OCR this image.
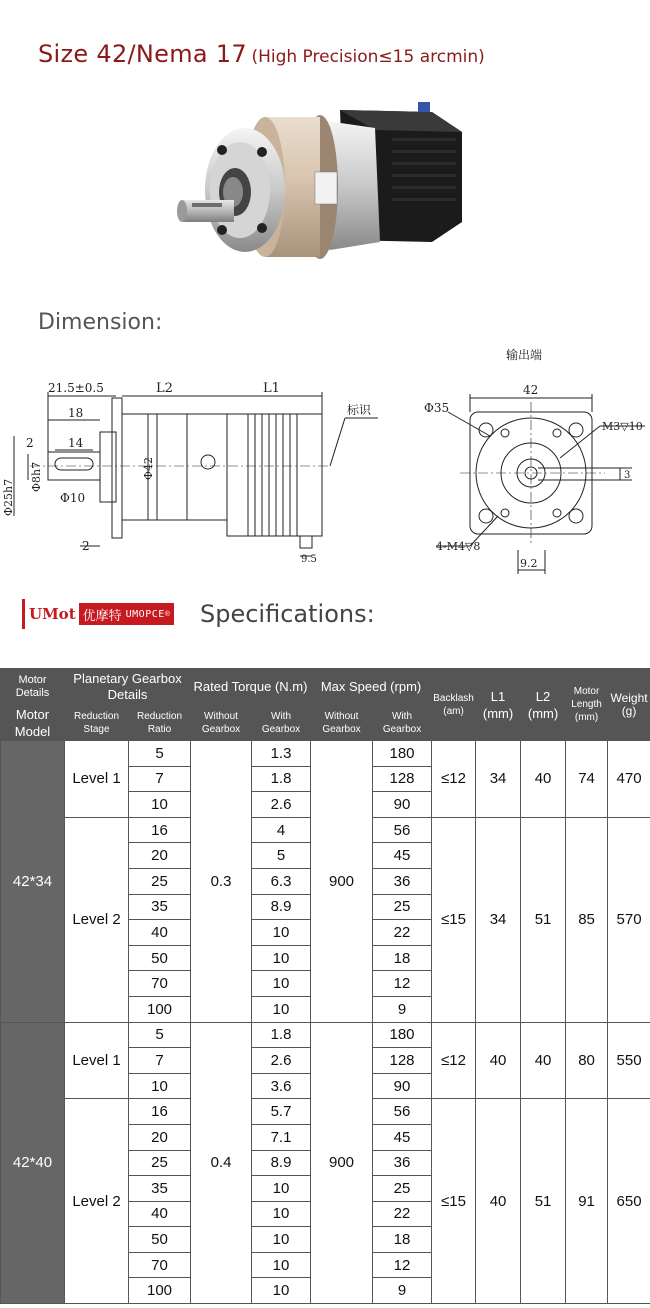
Size 42/Nema 17 (High Precision≤15 arcmin)
Dimension:
21.5±0.5	L2	L1
18
14
2
Φ25h7
Φ8h7
Φ10
Φ42
2
9.5
标识
输出端
42
Φ35
M3▽10
3
4-M4▽8
9.2
UMot 优摩特 UMOPCE ® Specifications:
Motor Details	Planetary Gearbox Details		Rated Torque (N.m)		Max Speed (rpm)		Backlash (am)	L1 (mm)	L2 (mm)	Motor Length (mm)	Weight (g)
Motor Model	Reduction Stage	Reduction Ratio	Without Gearbox	With Gearbox	Without Gearbox	With Gearbox					
42*34	Level 1	5	0.3	1.3	900	180	≤12	34	40	74	470
		7		1.8		128					
		10		2.6		90					
	Level 2	16		4		56	≤15	34	51	85	570
		20		5		45					
		25		6.3		36					
		35		8.9		25					
		40		10		22					
		50		10		18					
		70		10		12					
		100		10		9					
42*40	Level 1	5	0.4	1.8	900	180	≤12	40	40	80	550
		7		2.6		128					
		10		3.6		90					
	Level 2	16		5.7		56	≤15	40	51	91	650
		20		7.1		45					
		25		8.9		36					
		35		10		25					
		40		10		22					
		50		10		18					
		70		10		12					
		100		10		9					
